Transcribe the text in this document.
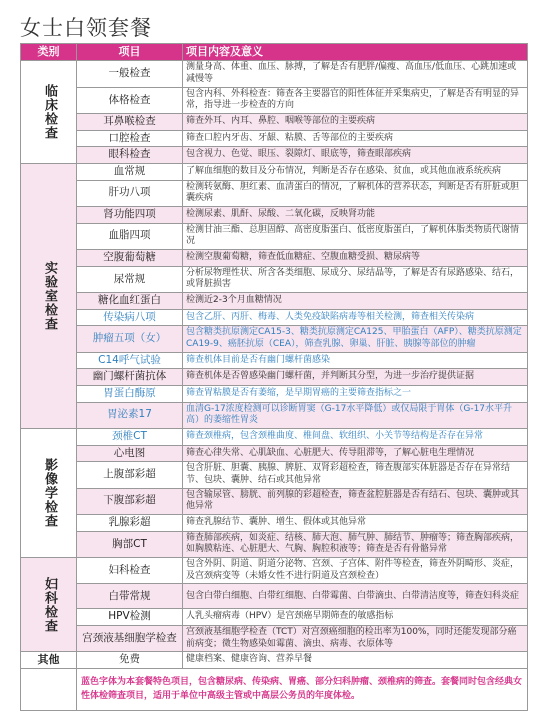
女士白领套餐
类别	项目	项目内容及意义
临床检查	一般检查	测量身高、体重、血压、脉搏，了解是否有肥胖/偏瘦、高血压/低血压、心跳加速或减慢等
	体格检查	包含内科、外科检查：筛查各主要器官的阳性体征并采集病史，了解是否有明显的异常，指导进一步检查的方向
	耳鼻喉检查	筛查外耳、内耳、鼻腔、咽喉等部位的主要疾病
	口腔检查	筛查口腔内牙齿、牙龈、粘膜、舌等部位的主要疾病
	眼科检查	包含视力、色觉、眼压、裂隙灯、眼底等，筛查眼部疾病
实验室检查	血常规	了解血细胞的数目及分布情况，判断是否存在感染、贫血，或其他血液系统疾病
	肝功八项	检测转氨酶、胆红素、血清蛋白的情况，了解机体的营养状态，判断是否有肝脏或胆囊疾病
	肾功能四项	检测尿素、肌酐、尿酸、二氧化碳，反映肾功能
	血脂四项	检测甘油三酯、总胆固醇、高密度脂蛋白、低密度脂蛋白，了解机体脂类物质代谢情况
	空腹葡萄糖	检测空腹葡萄糖，筛查低血糖症、空腹血糖受损、糖尿病等
	尿常规	分析尿物理性状、所含各类细胞、尿成分、尿结晶等，了解是否有尿路感染、结石，或肾脏损害
	糖化血红蛋白	检测近2-3个月血糖情况
	传染病八项	包含乙肝、丙肝、梅毒、人类免疫缺陷病毒等相关检测，筛查相关传染病
	肿瘤五项（女）	包含糖类抗原测定CA15-3、糖类抗原测定CA125、甲胎蛋白（AFP）、糖类抗原测定CA19-9、癌胚抗原（CEA），筛查乳腺、卵巢、肝脏、胰腺等部位的肿瘤
	C14呼气试验	筛查机体目前是否有幽门螺杆菌感染
	幽门螺杆菌抗体	筛查机体是否曾感染幽门螺杆菌，并判断其分型，为进一步治疗提供证据
	胃蛋白酶原	筛查胃粘膜是否有萎缩，是早期胃癌的主要筛查指标之一
	胃泌素17	血清G-17浓度检测可以诊断胃窦（G-17水平降低）或仅局限于胃体（G-17水平升高）的萎缩性胃炎
影像学检查	颈椎CT	筛查颈椎病，包含颈椎曲度、椎间盘、软组织、小关节等结构是否存在异常
	心电图	筛查心律失常、心肌缺血、心脏肥大、传导阻滞等，了解心脏电生理情况
	上腹部彩超	包含肝脏、胆囊、胰腺、脾脏、双肾彩超检查，筛查腹部实体脏器是否存在异常结节、包块、囊肿、结石或其他异常
	下腹部彩超	包含输尿管、膀胱、前列腺的彩超检查，筛查盆腔脏器是否有结石、包块、囊肿或其他异常
	乳腺彩超	筛查乳腺结节、囊肿、增生、假体或其他异常
	胸部CT	筛查肺部疾病，如炎症、结核、肺大泡、肺气肿、肺结节、肿瘤等；筛查胸部疾病，如胸膜粘连、心脏肥大、气胸、胸腔积液等；筛查是否有骨骼异常
妇科检查	妇科检查	包含外阴、阴道、阴道分泌物、宫颈、子宫体、附件等检查，筛查外阴畸形、炎症，及宫颈病变等（未婚女性不进行阴道及宫颈检查）
	白带常规	包含白带白细胞、白带红细胞、白带霉菌、白带滴虫、白带清洁度等，筛查妇科炎症
	HPV检测	人乳头瘤病毒（HPV）是宫颈癌早期筛查的敏感指标
	宫颈液基细胞学检查	宫颈液基细胞学检查（TCT）对宫颈癌细胞的检出率为100%，同时还能发现部分癌前病变；微生物感染如霉菌、滴虫、病毒、衣原体等
其他	免费	健康档案、健康咨询、营养早餐
	蓝色字体为本套餐特色项目，包含糖尿病、传染病、胃癌、部分妇科肿瘤、颈椎病的筛查。套餐同时包含经典女性体检筛查项目，适用于单位中高级主管或中高层公务员的年度体检。	
